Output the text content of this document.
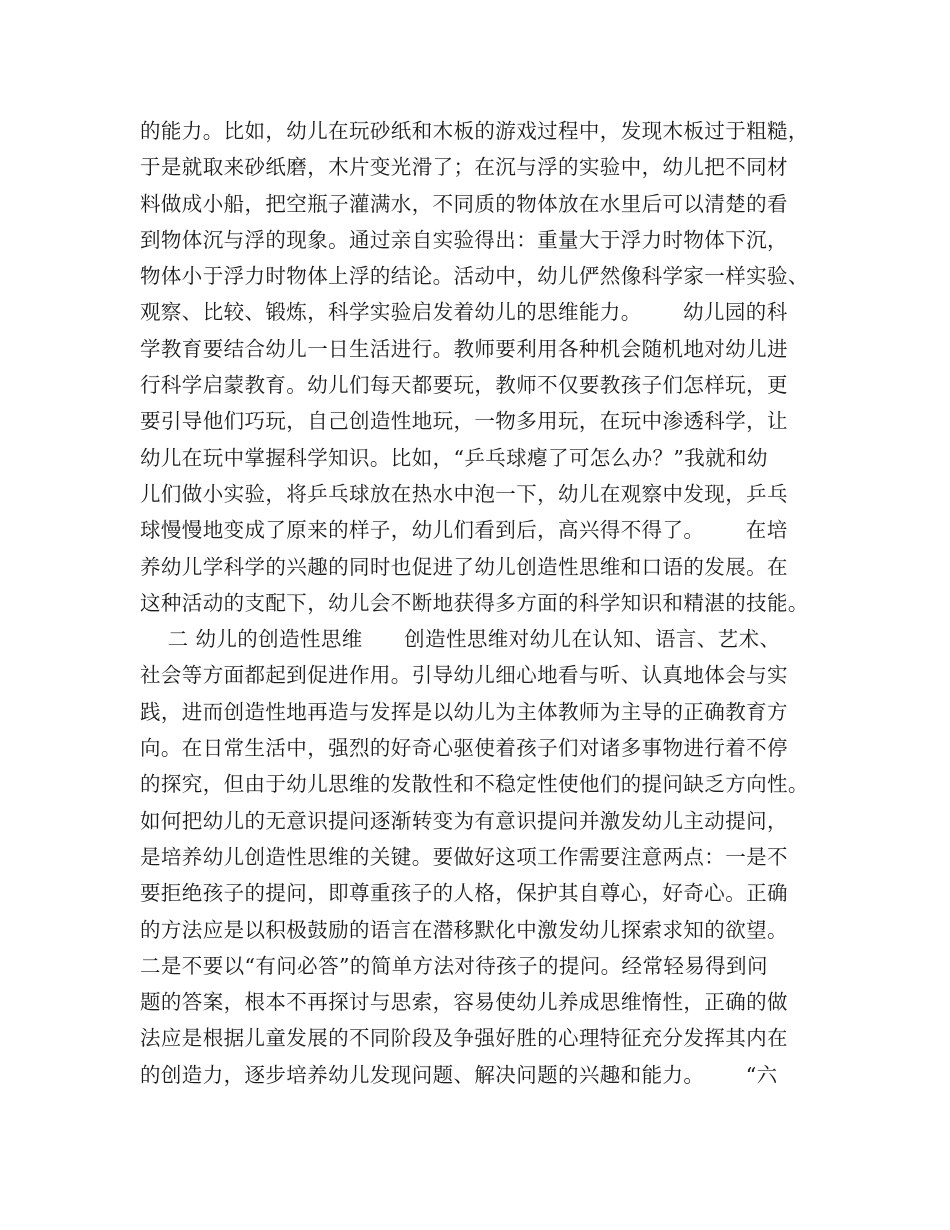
的能力。比如，幼儿在玩砂纸和木板的游戏过程中，发现木板过于粗糙，
于是就取来砂纸磨，木片变光滑了；在沉与浮的实验中，幼儿把不同材
料做成小船，把空瓶子灌满水，不同质的物体放在水里后可以清楚的看
到物体沉与浮的现象。通过亲自实验得出：重量大于浮力时物体下沉，
物体小于浮力时物体上浮的结论。活动中，幼儿俨然像科学家一样实验、
观察、比较、锻炼，科学实验启发着幼儿的思维能力。      幼儿园的科
学教育要结合幼儿一日生活进行。教师要利用各种机会随机地对幼儿进
行科学启蒙教育。幼儿们每天都要玩，教师不仅要教孩子们怎样玩，更
要引导他们巧玩，自己创造性地玩，一物多用玩，在玩中渗透科学，让
幼儿在玩中掌握科学知识。比如，“乒乓球瘪了可怎么办？”我就和幼
儿们做小实验，将乒乓球放在热水中泡一下，幼儿在观察中发现，乒乓
球慢慢地变成了原来的样子，幼儿们看到后，高兴得不得了。      在培
养幼儿学科学的兴趣的同时也促进了幼儿创造性思维和口语的发展。在
这种活动的支配下，幼儿会不断地获得多方面的科学知识和精湛的技能。
二 幼儿的创造性思维      创造性思维对幼儿在认知、语言、艺术、
社会等方面都起到促进作用。引导幼儿细心地看与听、认真地体会与实
践，进而创造性地再造与发挥是以幼儿为主体教师为主导的正确教育方
向。在日常生活中，强烈的好奇心驱使着孩子们对诸多事物进行着不停
的探究，但由于幼儿思维的发散性和不稳定性使他们的提问缺乏方向性。
如何把幼儿的无意识提问逐渐转变为有意识提问并激发幼儿主动提问，
是培养幼儿创造性思维的关键。要做好这项工作需要注意两点：一是不
要拒绝孩子的提问，即尊重孩子的人格，保护其自尊心，好奇心。正确
的方法应是以积极鼓励的语言在潜移默化中激发幼儿探索求知的欲望。
二是不要以“有问必答”的简单方法对待孩子的提问。经常轻易得到问
题的答案，根本不再探讨与思索，容易使幼儿养成思维惰性，正确的做
法应是根据儿童发展的不同阶段及争强好胜的心理特征充分发挥其内在
的创造力，逐步培养幼儿发现问题、解决问题的兴趣和能力。      “六
